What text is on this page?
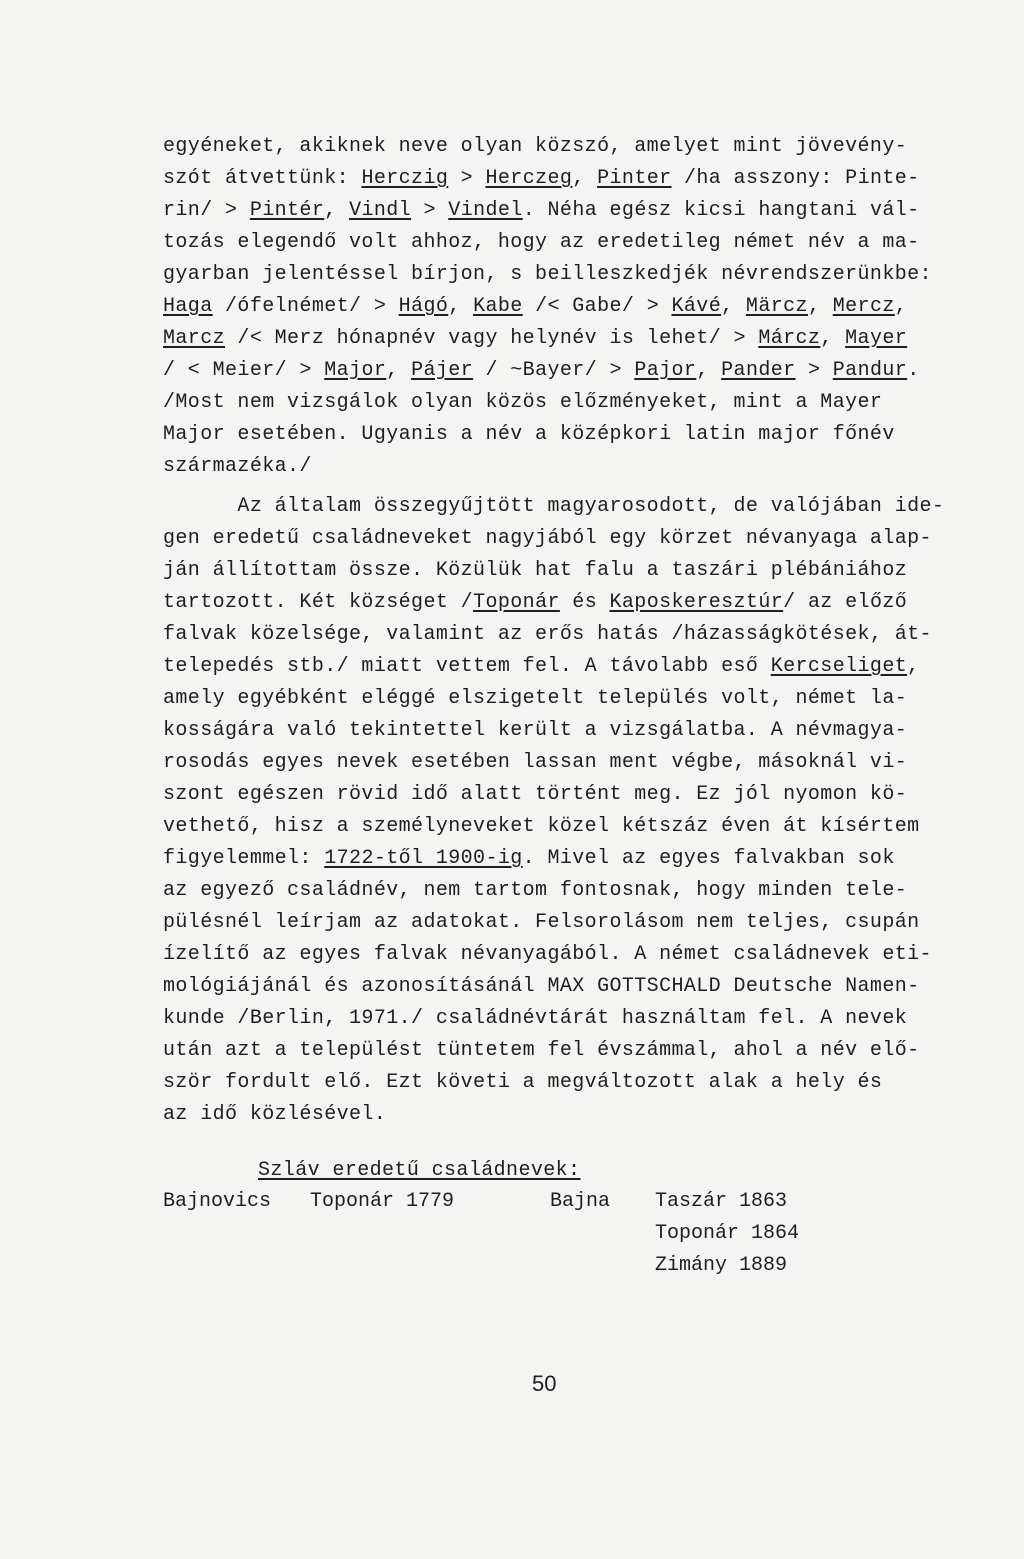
egyéneket, akiknek neve olyan közszó, amelyet mint jövevény-
szót átvettünk: Herczig > Herczeg, Pinter /ha asszony: Pinte-
rin/ > Pintér, Vindl > Vindel. Néha egész kicsi hangtani vál-
tozás elegendő volt ahhoz, hogy az eredetileg német név a ma-
gyarban jelentéssel bírjon, s beilleszkedjék névrendszerünkbe:
Haga /ófelnémet/ > Hágó, Kabe /< Gabe/ > Kávé, Märcz, Mercz,
Marcz /< Merz hónapnév vagy helynév is lehet/ > Márcz, Mayer
/ < Meier/ > Major, Pájer / ~Bayer/ > Pajor, Pander > Pandur.
/Most nem vizsgálok olyan közös előzményeket, mint a Mayer
Major esetében. Ugyanis a név a középkori latin major főnév
származéka./
Az általam összegyűjtött magyarosodott, de valójában ide-
gen eredetű családneveket nagyjából egy körzet névanyaga alap-
ján állítottam össze. Közülük hat falu a taszári plébániához
tartozott. Két községet /Toponár és Kaposkeresztúr/ az előző
falvak közelsége, valamint az erős hatás /házasságkötések, át-
telepedés stb./ miatt vettem fel. A távolabb eső Kercseliget,
amely egyébként eléggé elszigetelt település volt, német la-
kosságára való tekintettel került a vizsgálatba. A névmagya-
rosodás egyes nevek esetében lassan ment végbe, másoknál vi-
szont egészen rövid idő alatt történt meg. Ez jól nyomon kö-
vethető, hisz a személyneveket közel kétszáz éven át kísértem
figyelemmel: 1722-től 1900-ig. Mivel az egyes falvakban sok
az egyező családnév, nem tartom fontosnak, hogy minden tele-
pülésnél leírjam az adatokat. Felsorolásom nem teljes, csupán
ízelítő az egyes falvak névanyagából. A német családnevek eti-
mológiájánál és azonosításánál MAX GOTTSCHALD Deutsche Namen-
kunde /Berlin, 1971./ családnévtárát használtam fel. A nevek
után azt a települést tüntetem fel évszámmal, ahol a név elő-
ször fordult elő. Ezt követi a megváltozott alak a hely és
az idő közlésével.
Szláv eredetű családnevek:
Bajnovics Toponár 1779	Bajna Taszár 1863
Toponár 1864
Zimány 1889
50
